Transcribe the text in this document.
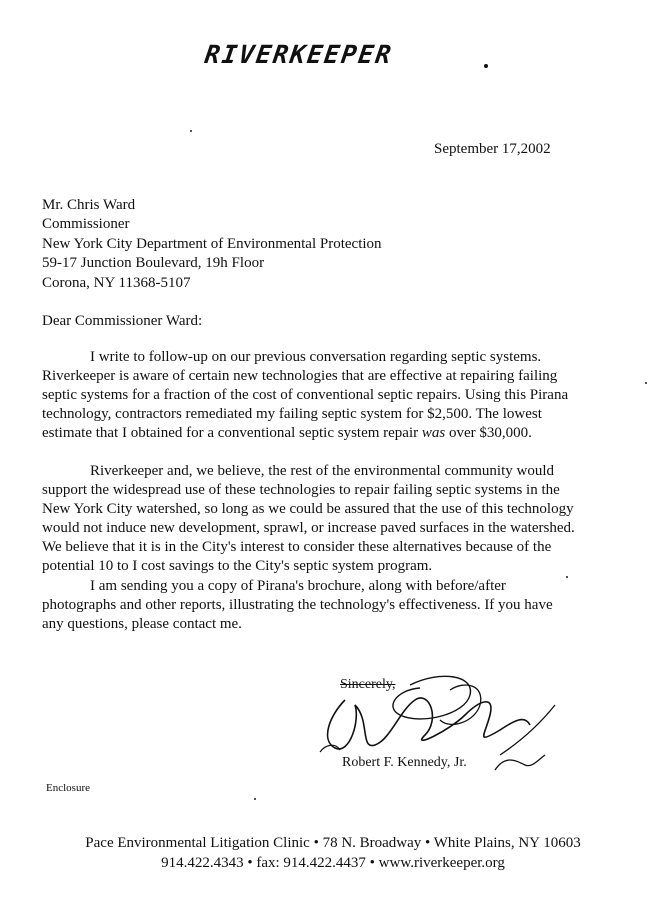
RIVERKEEPER
September 17,2002
Mr. Chris Ward
Commissioner
New York City Department of Environmental Protection
59-17 Junction Boulevard, 19h Floor
Corona, NY 11368-5107
Dear Commissioner Ward:
I write to follow-up on our previous conversation regarding septic systems.
Riverkeeper is aware of certain new technologies that are effective at repairing failing
septic systems for a fraction of the cost of conventional septic repairs. Using this Pirana
technology, contractors remediated my failing septic system for $2,500. The lowest
estimate that I obtained for a conventional septic system repair was over $30,000.
Riverkeeper and, we believe, the rest of the environmental community would
support the widespread use of these technologies to repair failing septic systems in the
New York City watershed, so long as we could be assured that the use of this technology
would not induce new development, sprawl, or increase paved surfaces in the watershed.
We believe that it is in the City's interest to consider these alternatives because of the
potential 10 to I cost savings to the City's septic system program.
I am sending you a copy of Pirana's brochure, along with before/after
photographs and other reports, illustrating the technology's effectiveness. If you have
any questions, please contact me.
Sincerely,
Robert F. Kennedy, Jr.
Enclosure
Pace Environmental Litigation Clinic • 78 N. Broadway • White Plains, NY 10603
914.422.4343 • fax: 914.422.4437 • www.riverkeeper.org
